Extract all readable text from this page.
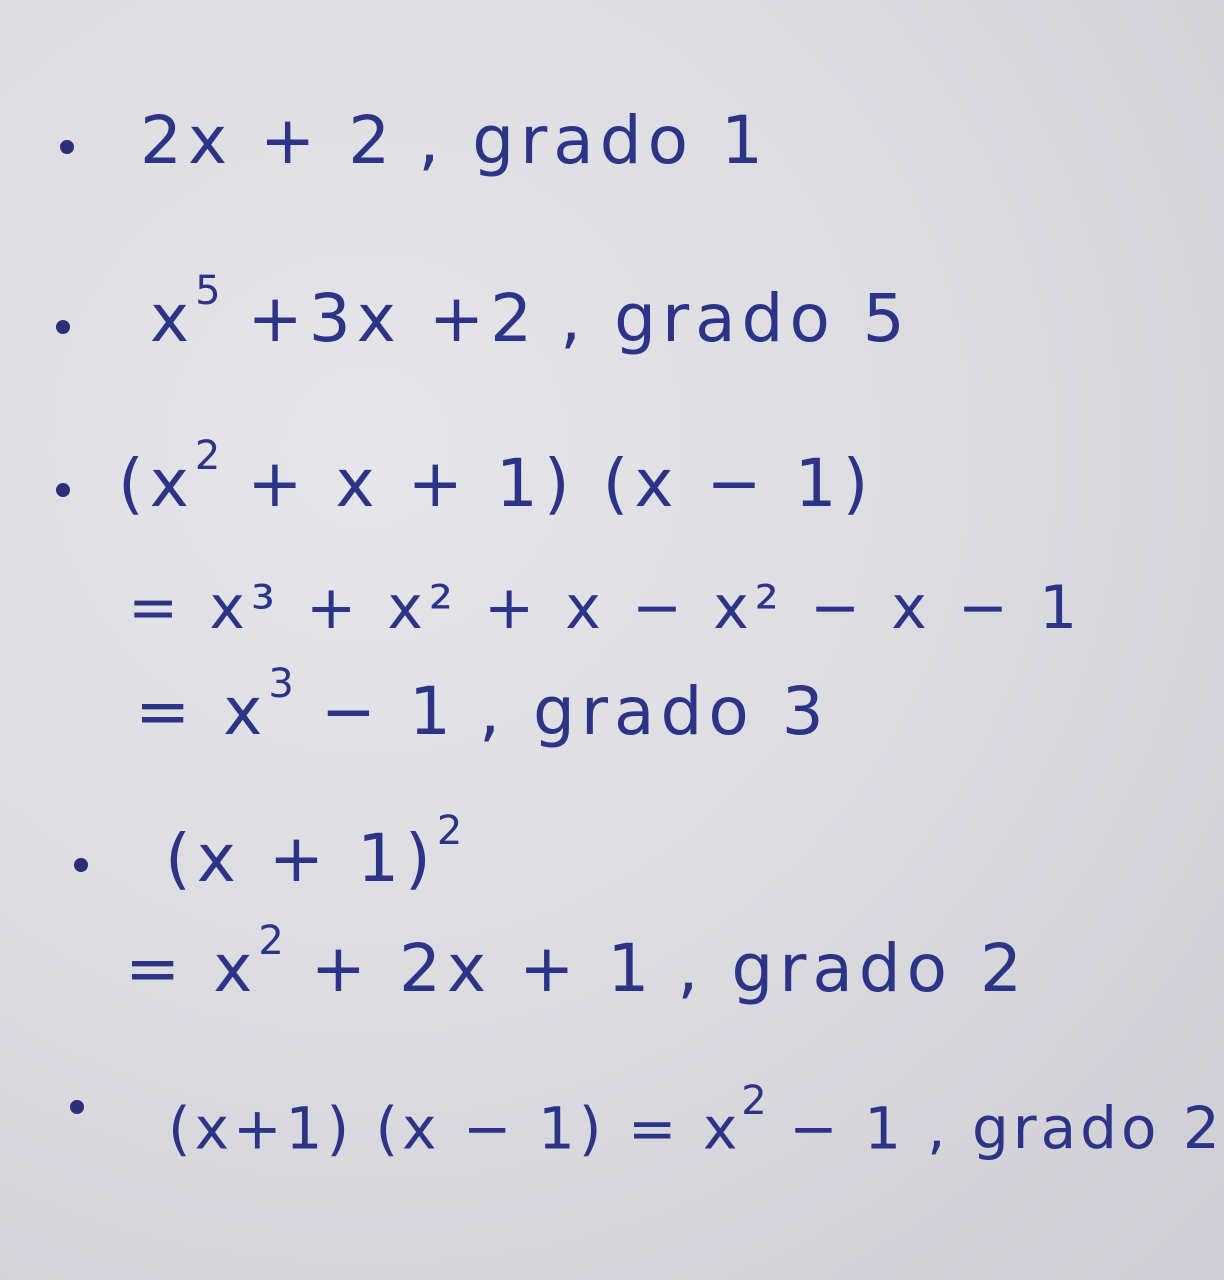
2x + 2 , grado 1
$x^5 +3x +2$ , grado 5
$(x^2 + x + 1) (x - 1)$
= x³ + x² + x − x² − x − 1
= $x^3 - 1$ , grado 3
$(x + 1)^2$
= $x^2 + 2x + 1$ , grado 2
(x+1) $(x - 1) = x^2 - 1$ , grado 2
